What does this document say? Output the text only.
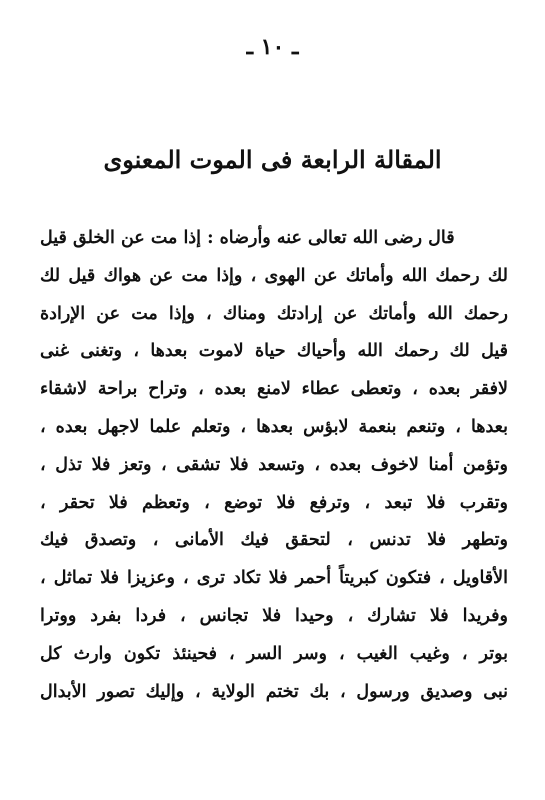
ـ ١٠ ـ
المقالة الرابعة فى الموت المعنوى
قال رضى الله تعالى عنه وأرضاه : إذا مت عن الخلق قيل
لك رحمك الله وأماتك عن الهوى ، وإذا مت عن هواك قيل لك
رحمك الله وأماتك عن إرادتك ومناك ، وإذا مت عن الإرادة
قيل لك رحمك الله وأحياك حياة لاموت بعدها ، وتغنى غنى
لافقر بعده ، وتعطى عطاء لامنع بعده ، وتراح براحة لاشقاء
بعدها ، وتنعم بنعمة لابؤس بعدها ، وتعلم علما لاجهل بعده ،
وتؤمن أمنا لاخوف بعده ، وتسعد فلا تشقى ، وتعز فلا تذل ،
وتقرب فلا تبعد ، وترفع فلا توضع ، وتعظم فلا تحقر ،
وتطهر فلا تدنس ، لتحقق فيك الأمانى ، وتصدق فيك
الأقاويل ، فتكون كبريتاً أحمر فلا تكاد ترى ، وعزيزا فلا تماثل ،
وفريدا فلا تشارك ، وحيدا فلا تجانس ، فردا بفرد ووترا
بوتر ، وغيب الغيب ، وسر السر ، فحينئذ تكون وارث كل
نبى وصديق ورسول ، بك تختم الولاية ، وإليك تصور الأبدال
